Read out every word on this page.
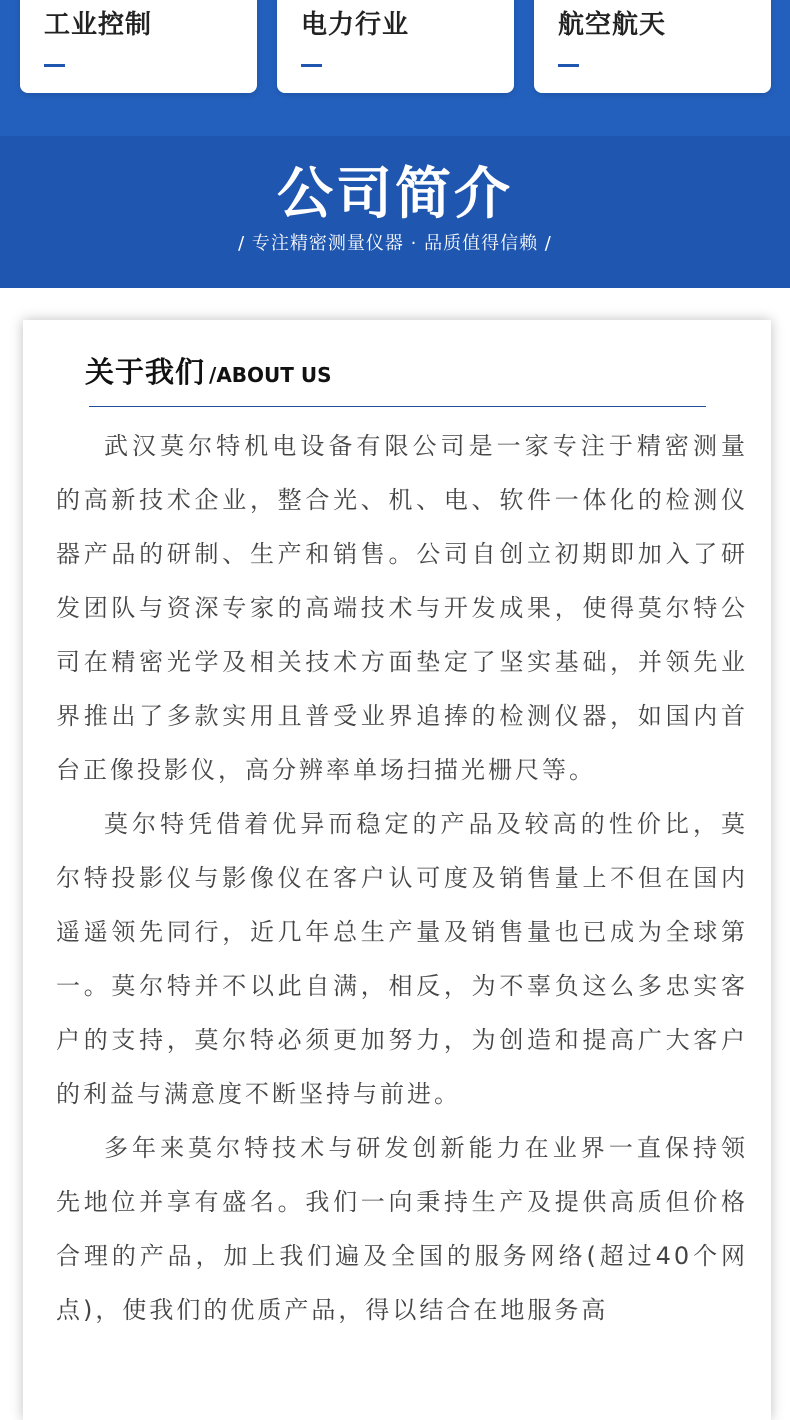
工业控制	电力行业	航空航天
公司简介
/ 专注精密测量仪器 · 品质值得信赖 /
关于我们 /ABOUT US

武汉莫尔特机电设备有限公司是一家专注于精密测量的高新技术企业，整合光、机、电、软件一体化的检测仪器产品的研制、生产和销售。公司自创立初期即加入了研发团队与资深专家的高端技术与开发成果，使得莫尔特公司在精密光学及相关技术方面垫定了坚实基础，并领先业界推出了多款实用且普受业界追捧的检测仪器，如国内首台正像投影仪，高分辨率单场扫描光栅尺等。

莫尔特凭借着优异而稳定的产品及较高的性价比，莫尔特投影仪与影像仪在客户认可度及销售量上不但在国内遥遥领先同行，近几年总生产量及销售量也已成为全球第一。莫尔特并不以此自满，相反，为不辜负这么多忠实客户的支持，莫尔特必须更加努力，为创造和提高广大客户的利益与满意度不断坚持与前进。

多年来莫尔特技术与研发创新能力在业界一直保持领先地位并享有盛名。我们一向秉持生产及提供高质但价格合理的产品，加上我们遍及全国的服务网络(超过40个网点)，使我们的优质产品，得以结合在地服务高
